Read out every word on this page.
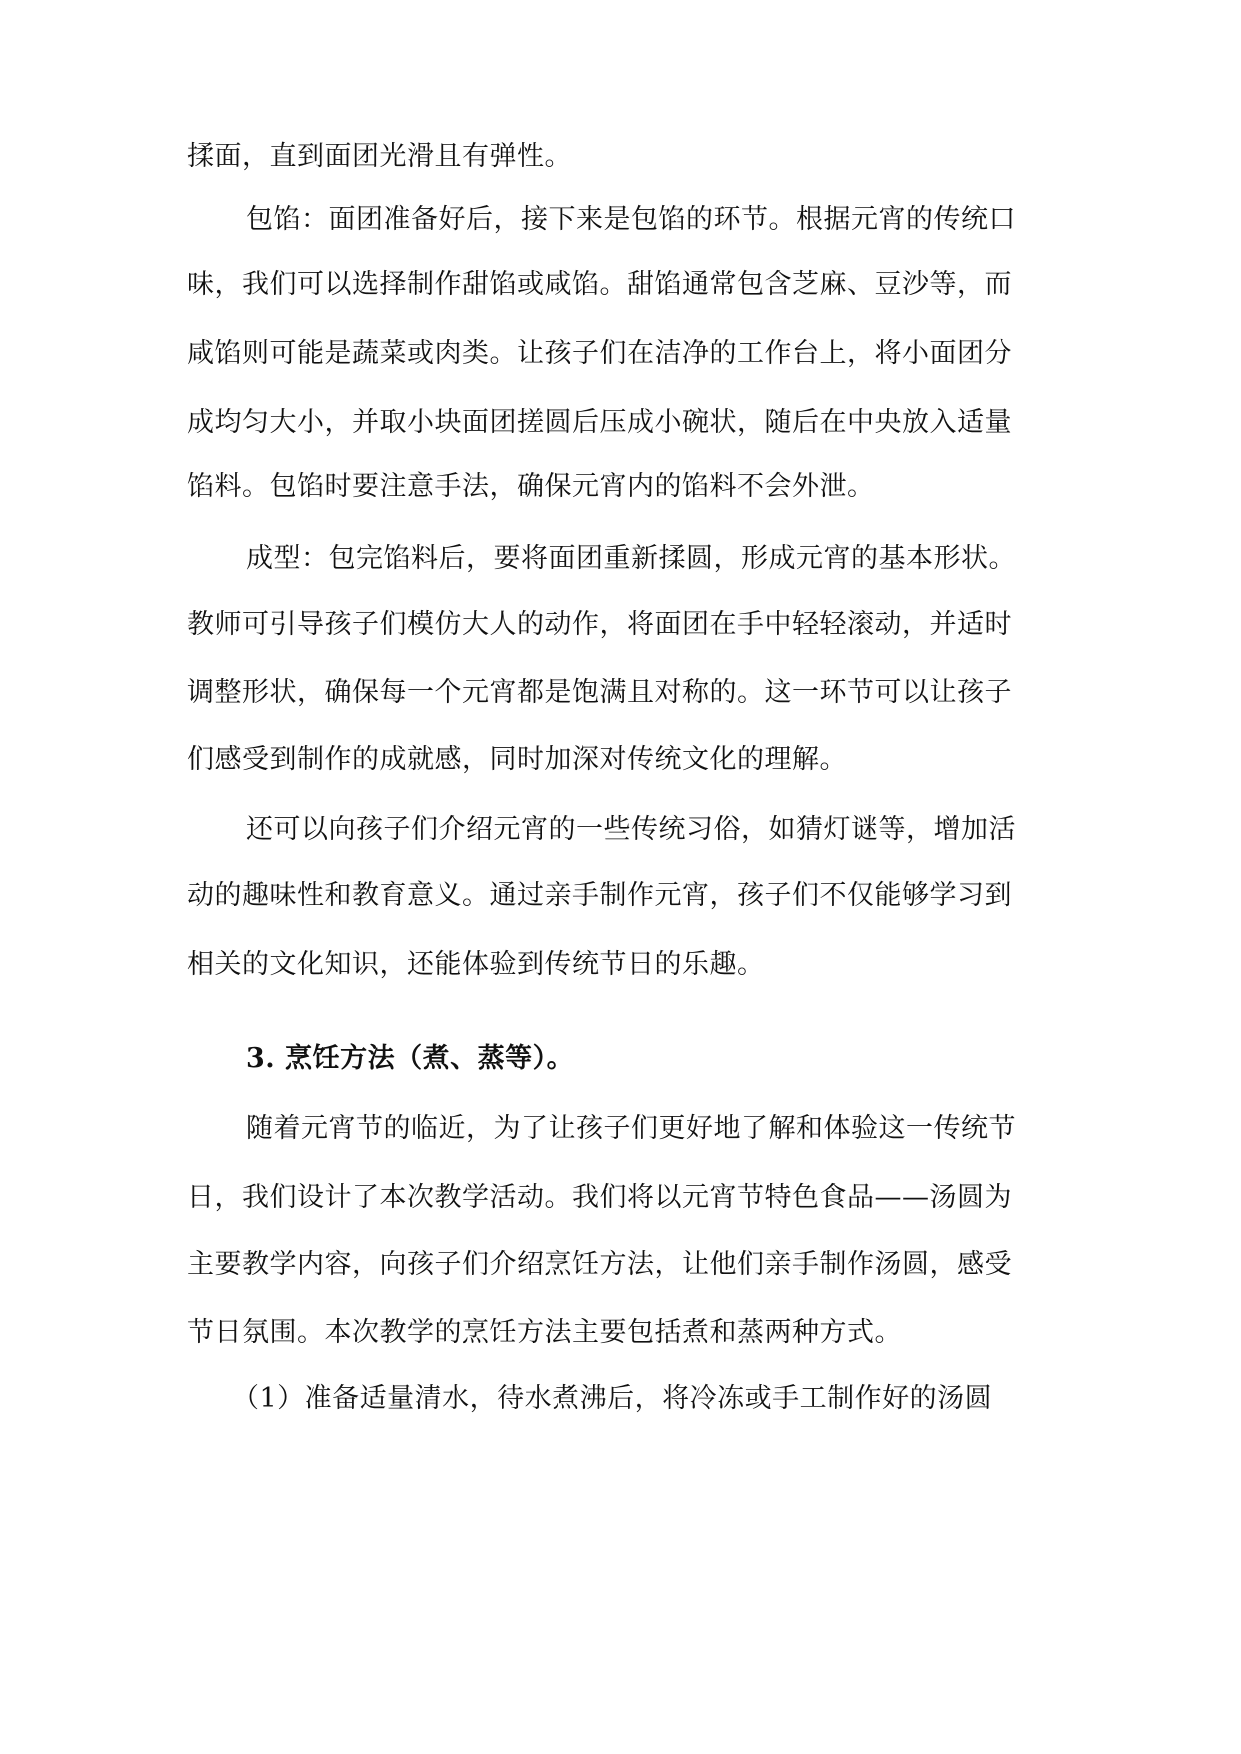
揉面，直到面团光滑且有弹性。
包馅：面团准备好后，接下来是包馅的环节。根据元宵的传统口
味，我们可以选择制作甜馅或咸馅。甜馅通常包含芝麻、豆沙等，而
咸馅则可能是蔬菜或肉类。让孩子们在洁净的工作台上，将小面团分
成均匀大小，并取小块面团搓圆后压成小碗状，随后在中央放入适量
馅料。包馅时要注意手法，确保元宵内的馅料不会外泄。
成型：包完馅料后，要将面团重新揉圆，形成元宵的基本形状。
教师可引导孩子们模仿大人的动作，将面团在手中轻轻滚动，并适时
调整形状，确保每一个元宵都是饱满且对称的。这一环节可以让孩子
们感受到制作的成就感，同时加深对传统文化的理解。
还可以向孩子们介绍元宵的一些传统习俗，如猜灯谜等，增加活
动的趣味性和教育意义。通过亲手制作元宵，孩子们不仅能够学习到
相关的文化知识，还能体验到传统节日的乐趣。
3. 烹饪方法（煮、蒸等）。
随着元宵节的临近，为了让孩子们更好地了解和体验这一传统节
日，我们设计了本次教学活动。我们将以元宵节特色食品——汤圆为
主要教学内容，向孩子们介绍烹饪方法，让他们亲手制作汤圆，感受
节日氛围。本次教学的烹饪方法主要包括煮和蒸两种方式。
（1）准备适量清水，待水煮沸后，将冷冻或手工制作好的汤圆
